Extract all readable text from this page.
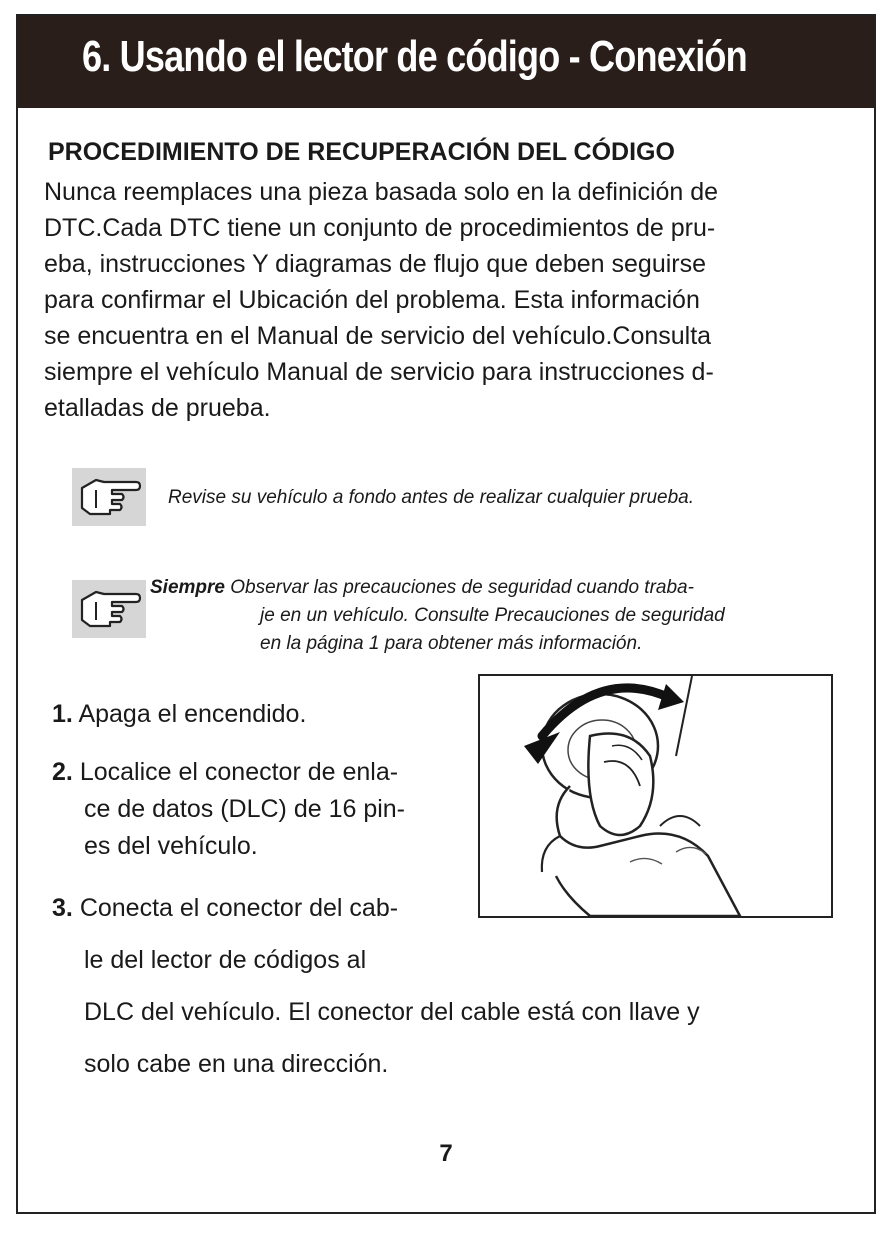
6. Usando el lector de código - Conexión
PROCEDIMIENTO DE RECUPERACIÓN DEL CÓDIGO
Nunca reemplaces una pieza basada solo en la definición de
DTC.Cada DTC tiene un conjunto de procedimientos de pru-
eba, instrucciones Y diagramas de flujo que deben seguirse
para confirmar el Ubicación del problema. Esta información
se encuentra en el Manual de servicio del vehículo.Consulta
siempre el vehículo Manual de servicio para instrucciones d-
etalladas de prueba.
Revise su vehículo a fondo antes de realizar cualquier prueba.
Siempre Observar las precauciones de seguridad cuando traba-
je en un vehículo. Consulte Precauciones de seguridad
en la página 1 para obtener más información.
1. Apaga el encendido.
2. Localice el conector de enla-
ce de datos (DLC) de 16 pin-
es del vehículo.
3. Conecta el conector del cab-
le del lector de códigos al
DLC del vehículo. El conector del cable está con llave y
solo cabe en una dirección.
7
